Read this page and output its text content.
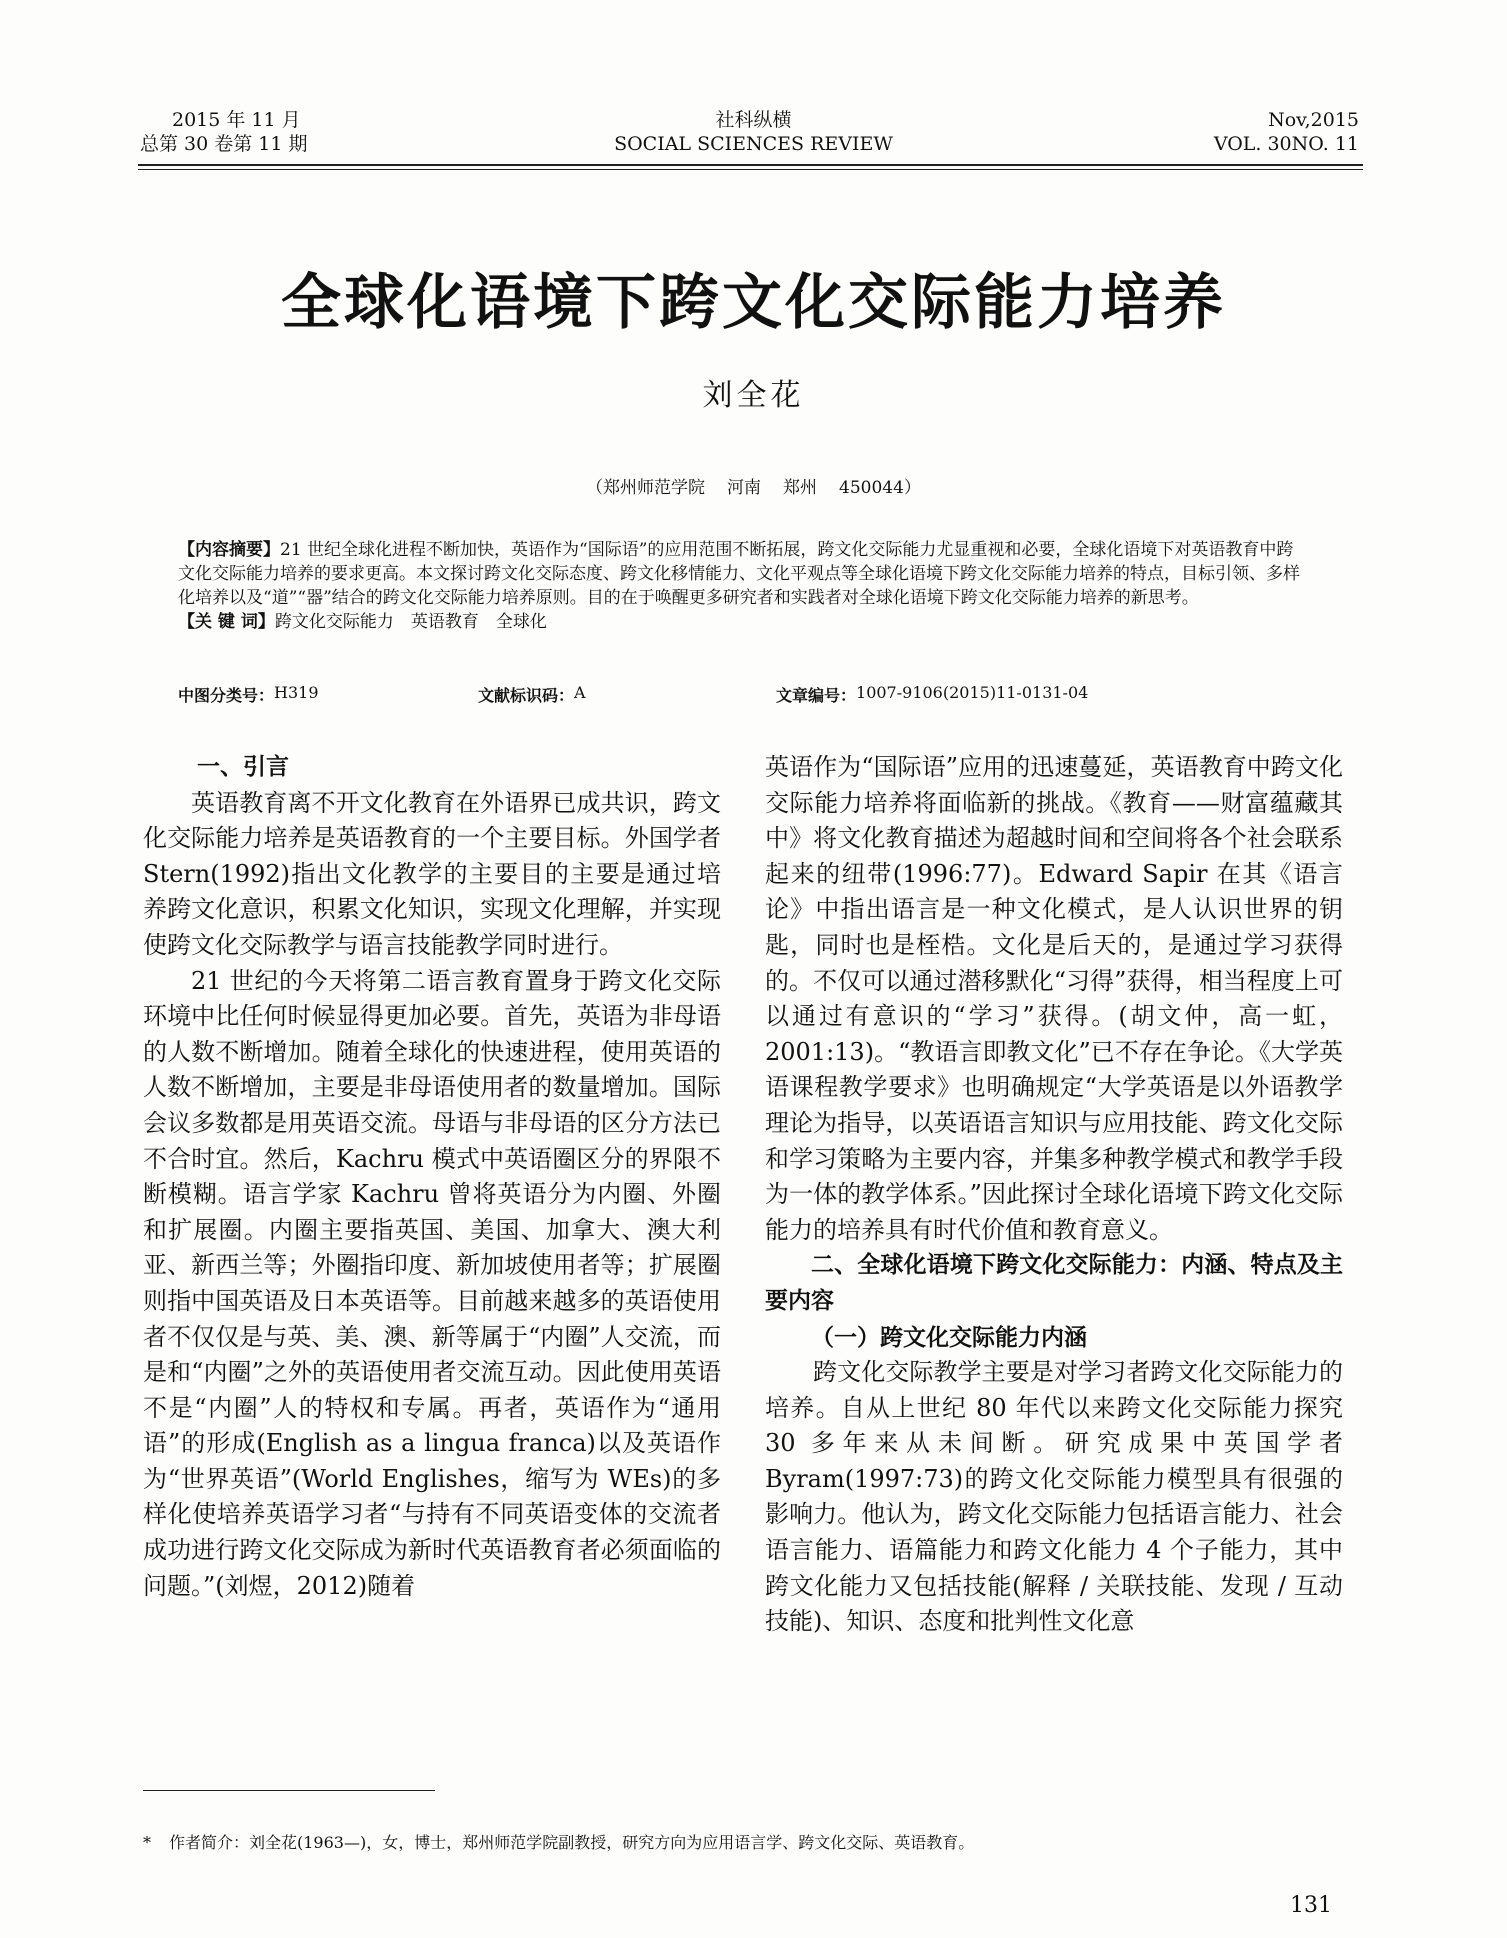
2015 年 11 月
总第 30 卷第 11 期
社科纵横
SOCIAL SCIENCES REVIEW
Nov,2015
VOL. 30NO. 11
全球化语境下跨文化交际能力培养
刘全花
（郑州师范学院 河南 郑州 450044）
【内容摘要】21 世纪全球化进程不断加快，英语作为“国际语”的应用范围不断拓展，跨文化交际能力尤显重视和必要，全球化语境下对英语教育中跨文化交际能力培养的要求更高。本文探讨跨文化交际态度、跨文化移情能力、文化平观点等全球化语境下跨文化交际能力培养的特点，目标引领、多样化培养以及“道”“器”结合的跨文化交际能力培养原则。目的在于唤醒更多研究者和实践者对全球化语境下跨文化交际能力培养的新思考。
【关 键 词】跨文化交际能力　英语教育　全球化
中图分类号： H319	文献标识码： A	文章编号： 1007-9106(2015)11-0131-04
一、引言

英语教育离不开文化教育在外语界已成共识，跨文化交际能力培养是英语教育的一个主要目标。外国学者 Stern(1992)指出文化教学的主要目的主要是通过培养跨文化意识，积累文化知识，实现文化理解，并实现使跨文化交际教学与语言技能教学同时进行。

21 世纪的今天将第二语言教育置身于跨文化交际环境中比任何时候显得更加必要。首先，英语为非母语的人数不断增加。随着全球化的快速进程，使用英语的人数不断增加，主要是非母语使用者的数量增加。国际会议多数都是用英语交流。母语与非母语的区分方法已不合时宜。然后，Kachru 模式中英语圈区分的界限不断模糊。语言学家 Kachru 曾将英语分为内圈、外圈和扩展圈。内圈主要指英国、美国、加拿大、澳大利亚、新西兰等；外圈指印度、新加坡使用者等；扩展圈则指中国英语及日本英语等。目前越来越多的英语使用者不仅仅是与英、美、澳、新等属于“内圈”人交流，而是和“内圈”之外的英语使用者交流互动。因此使用英语不是“内圈”人的特权和专属。再者，英语作为“通用语”的形成(English as a lingua franca)以及英语作为“世界英语”(World Englishes，缩写为 WEs)的多样化使培养英语学习者“与持有不同英语变体的交流者成功进行跨文化交际成为新时代英语教育者必须面临的问题。”(刘煜，2012)随着

英语作为“国际语”应用的迅速蔓延，英语教育中跨文化交际能力培养将面临新的挑战。《教育——财富蕴藏其中》将文化教育描述为超越时间和空间将各个社会联系起来的纽带(1996:77)。Edward Sapir 在其《语言论》中指出语言是一种文化模式，是人认识世界的钥匙，同时也是桎梏。文化是后天的，是通过学习获得的。不仅可以通过潜移默化“习得”获得，相当程度上可以通过有意识的“学习”获得。(胡文仲，高一虹，2001:13)。“教语言即教文化”已不存在争论。《大学英语课程教学要求》也明确规定“大学英语是以外语教学理论为指导，以英语语言知识与应用技能、跨文化交际和学习策略为主要内容，并集多种教学模式和教学手段为一体的教学体系。”因此探讨全球化语境下跨文化交际能力的培养具有时代价值和教育意义。

二、全球化语境下跨文化交际能力：内涵、特点及主要内容
（一）跨文化交际能力内涵

跨文化交际教学主要是对学习者跨文化交际能力的培养。自从上世纪 80 年代以来跨文化交际能力探究 30 多年来从未间断。研究成果中英国学者 Byram(1997:73)的跨文化交际能力模型具有很强的影响力。他认为，跨文化交际能力包括语言能力、社会语言能力、语篇能力和跨文化能力 4 个子能力，其中跨文化能力又包括技能(解释 / 关联技能、发现 / 互动技能)、知识、态度和批判性文化意

* 作者简介：刘全花(1963—)，女，博士，郑州师范学院副教授，研究方向为应用语言学、跨文化交际、英语教育。
131
